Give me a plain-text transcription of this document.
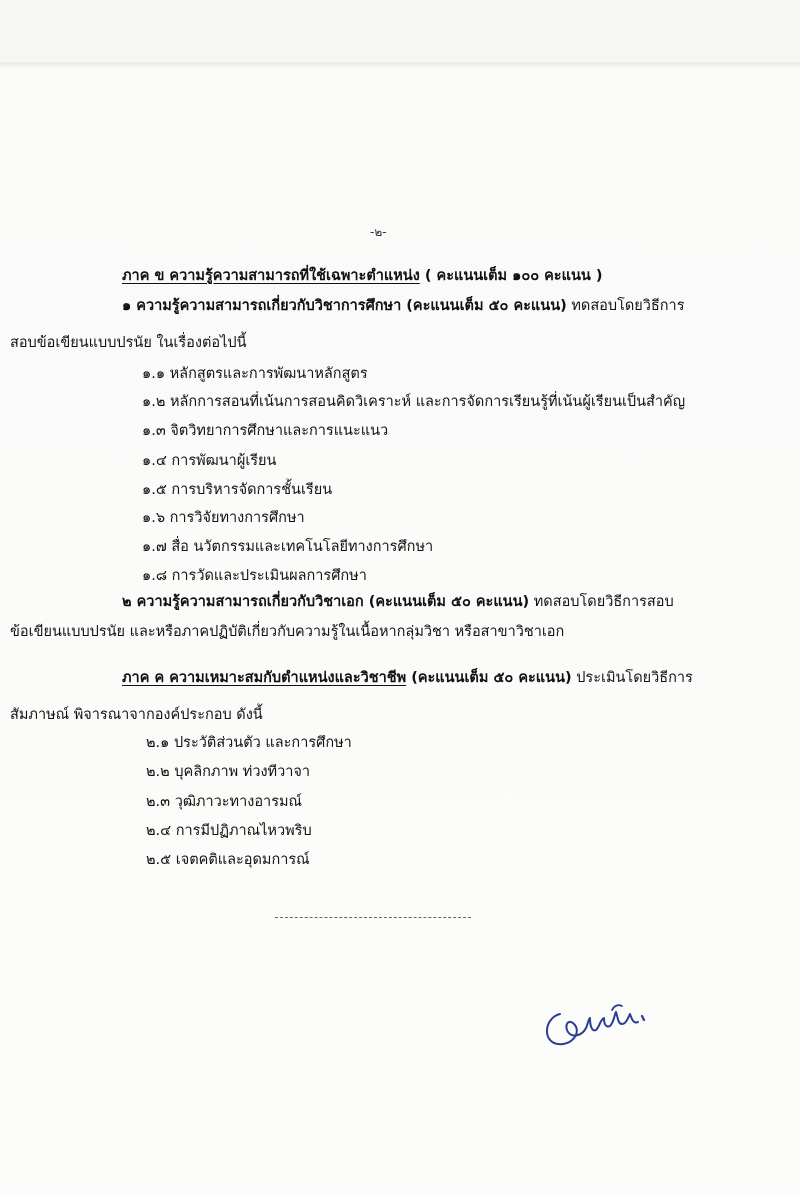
-๒-
ภาค ข ความรู้ความสามารถที่ใช้เฉพาะตำแหน่ง ( คะแนนเต็ม ๑๐๐ คะแนน )
๑ ความรู้ความสามารถเกี่ยวกับวิชาการศึกษา (คะแนนเต็ม ๕๐ คะแนน) ทดสอบโดยวิธีการ
สอบข้อเขียนแบบปรนัย ในเรื่องต่อไปนี้
๑.๑ หลักสูตรและการพัฒนาหลักสูตร
๑.๒ หลักการสอนที่เน้นการสอนคิดวิเคราะห์ และการจัดการเรียนรู้ที่เน้นผู้เรียนเป็นสำคัญ
๑.๓ จิตวิทยาการศึกษาและการแนะแนว
๑.๔ การพัฒนาผู้เรียน
๑.๕ การบริหารจัดการชั้นเรียน
๑.๖ การวิจัยทางการศึกษา
๑.๗ สื่อ นวัตกรรมและเทคโนโลยีทางการศึกษา
๑.๘ การวัดและประเมินผลการศึกษา
๒ ความรู้ความสามารถเกี่ยวกับวิชาเอก (คะแนนเต็ม ๕๐ คะแนน) ทดสอบโดยวิธีการสอบ
ข้อเขียนแบบปรนัย และหรือภาคปฏิบัติเกี่ยวกับความรู้ในเนื้อหากลุ่มวิชา หรือสาขาวิชาเอก
ภาค ค ความเหมาะสมกับตำแหน่งและวิชาชีพ (คะแนนเต็ม ๕๐ คะแนน) ประเมินโดยวิธีการ
สัมภาษณ์ พิจารณาจากองค์ประกอบ ดังนี้
๒.๑ ประวัติส่วนตัว และการศึกษา
๒.๒ บุคลิกภาพ ท่วงทีวาจา
๒.๓ วุฒิภาวะทางอารมณ์
๒.๔ การมีปฏิภาณไหวพริบ
๒.๕ เจตคติและอุดมการณ์
